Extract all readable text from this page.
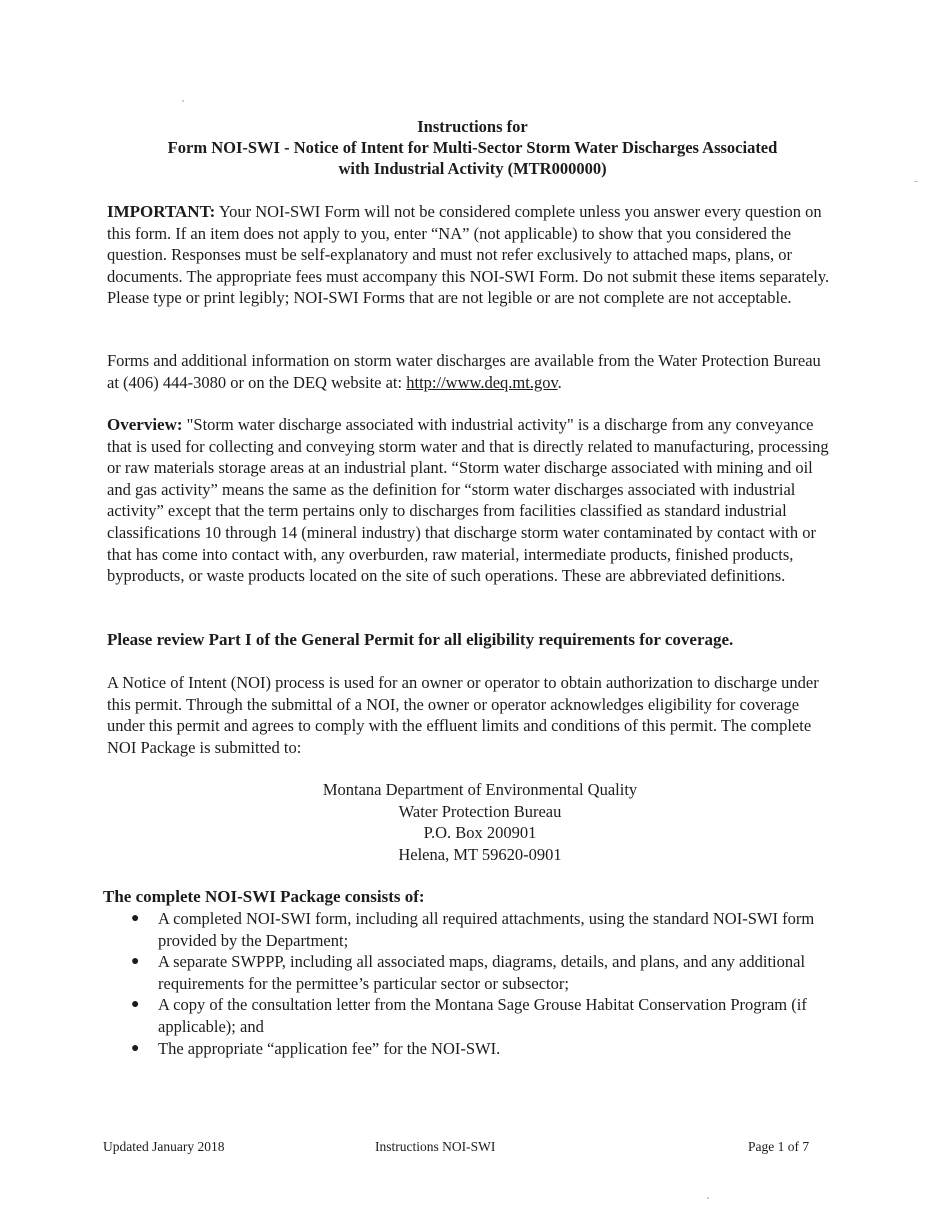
Instructions for
Form NOI-SWI - Notice of Intent for Multi-Sector Storm Water Discharges Associated
with Industrial Activity (MTR000000)

IMPORTANT: Your NOI-SWI Form will not be considered complete unless you answer every question on this form. If an item does not apply to you, enter “NA” (not applicable) to show that you considered the question. Responses must be self-explanatory and must not refer exclusively to attached maps, plans, or documents. The appropriate fees must accompany this NOI-SWI Form. Do not submit these items separately. Please type or print legibly; NOI-SWI Forms that are not legible or are not complete are not acceptable.

Forms and additional information on storm water discharges are available from the Water Protection Bureau at (406) 444-3080 or on the DEQ website at: http://www.deq.mt.gov.

Overview: "Storm water discharge associated with industrial activity" is a discharge from any conveyance that is used for collecting and conveying storm water and that is directly related to manufacturing, processing or raw materials storage areas at an industrial plant. “Storm water discharge associated with mining and oil and gas activity” means the same as the definition for “storm water discharges associated with industrial activity” except that the term pertains only to discharges from facilities classified as standard industrial classifications 10 through 14 (mineral industry) that discharge storm water contaminated by contact with or that has come into contact with, any overburden, raw material, intermediate products, finished products, byproducts, or waste products located on the site of such operations. These are abbreviated definitions.

Please review Part I of the General Permit for all eligibility requirements for coverage.

A Notice of Intent (NOI) process is used for an owner or operator to obtain authorization to discharge under this permit. Through the submittal of a NOI, the owner or operator acknowledges eligibility for coverage under this permit and agrees to comply with the effluent limits and conditions of this permit. The complete NOI Package is submitted to:

Montana Department of Environmental Quality
Water Protection Bureau
P.O. Box 200901
Helena, MT 59620-0901
The complete NOI-SWI Package consists of:
● A completed NOI-SWI form, including all required attachments, using the standard NOI-SWI form provided by the Department;
● A separate SWPPP, including all associated maps, diagrams, details, and plans, and any additional requirements for the permittee’s particular sector or subsector;
● A copy of the consultation letter from the Montana Sage Grouse Habitat Conservation Program (if applicable); and
● The appropriate “application fee” for the NOI-SWI.
Updated January 2018	Instructions NOI-SWI	Page 1 of 7
